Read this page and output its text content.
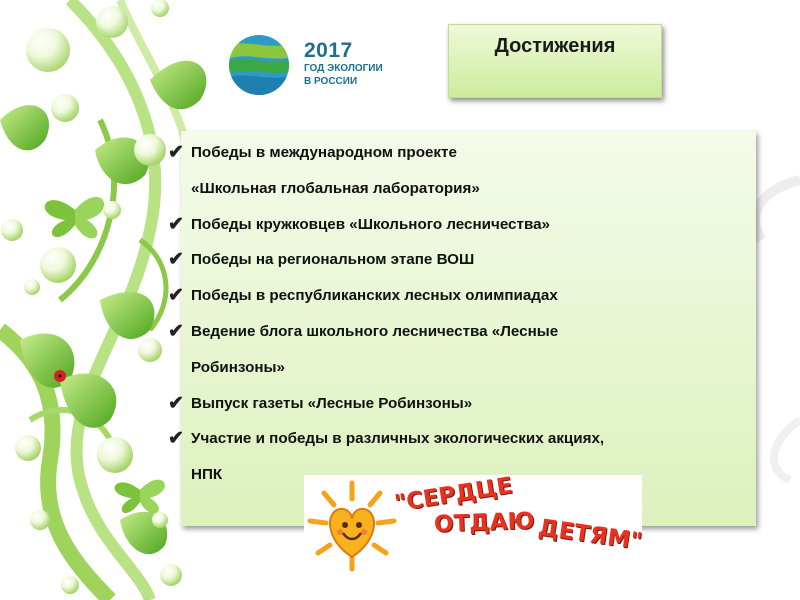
2017
ГОД ЭКОЛОГИИ
В РОССИИ
Достижения
✔ Победы в международном проекте
«Школьная глобальная лаборатория»
✔ Победы кружковцев «Школьного лесничества»
✔ Победы на региональном этапе ВОШ
✔ Победы в республиканских лесных олимпиадах
✔ Ведение блога школьного лесничества «Лесные
Робинзоны»
✔ Выпуск газеты «Лесные Робинзоны»
✔ Участие и победы в различных экологических акциях,
НПК
"СЕРДЦЕ
ОТДАЮ ДЕТЯМ"
